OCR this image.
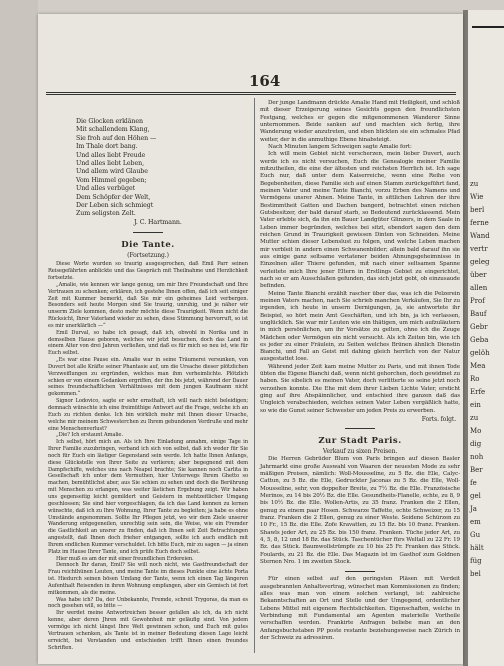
zu
Wie
berl
ferne
Wand
vertr
geleg
über
allen
Prof
Bauf
Gebr
Geba
gelöh
Mea
Ro
Erfe
ein
zu
Mo
dig
noh
Ber
fe
gel
Ja
em
Gu
hält
füg
bel
164
Die Glocken erklänen
Mit schallendem Klang,
Sie froh auf den Höhen —
Im Thale dort bang.
Und alles liebt Freude
Und alles liebt Leben,
Und allem wird Glaube
Vom Himmel gegeben;
Und alles verbüget
Dem Schöpfer der Welt,
Der Leben sich schmiegt
Zum seligsten Zelt.
J. C. Hartmann.
Die Tante.
(Fortsetzung.)

Diese Worte wurden so traurig ausgesprochen, daß Emil Parr seinen Reisegefährten anblickte und das Gespräch mit Theilnahme und Herzlichkeit fortsetzte.

„Amalie, wie kennen wir lange genug, um mir Ihre Freundschaft und Ihre Vertrauen zu schenken; erklären, ich gestehe Ihnen offen, daß ich seit einiger Zeit mit Kummer bemerkt, daß Sie mir ein geheimes Leid verbergen. Besonders seit heute Morgen sind Sie traurig, unruhig, und je näher wir unserm Ziele kommen, desto mehr möchte diese Traurigkeit. Wenn nicht die Rücksicht, Ihrer Vaterland wieder zu sehen, diese Stimmung hervorruft, so ist es mir unerklärlich —“

Emil Durval, so habe ich gesagt, daß ich, obwohl in Norika und in demselben Hause geboren, welches wir jetzt besuchen, doch das Land in einem Alter von drei Jahren verließen, und daß es für mich so neu ist, wie für Euch selbst.

„Es war eine Pause ein. Amalie war in seine Träumerei versunken, von Duvert bot alle Kräfte seiner Phantasie auf, um die Ursache dieser plötzlichen Verzweiflungen zu ergründen, welches man ihm verheimlichte. Plötzlich schien er von einem Gedanken ergriffen, der ihn bis jetzt, während der Dauer seines freundschaftlichen Verhältnisses mit dem jungen Kaufmann nicht gekommen.“

Signor Lodovico, sagte er sehr ernsthaft, ich will nach nicht beleidigen; demnach wünschte ich eine freimüthige Antwort auf die Frage, welche ich an Euch zu richten denke. Ich bin wirklich mehr mit Ihnen dieser Ursache, welche mir meinem Schwesterchen zu Ihrem gebundenen Verdruße und mehr eine Menschenverlust?

„Die? Ich erstaunt Amalie.

Ich selbst, hört mich an. Als ich Ihre Einladung annahm, einige Tage in Ihrer Familie zuzubringen, verband ich sich von selbst, daß ich weder für Sie noch für Euch ein lästiger Gegenstand sein werde. Ich hatte Ihnen Anfangs, diese Glückstelle von Ihrer Seite zu verlieren; aber begegnend mit dem Dampfschiffe, welches uns nach Neapel brachte; Sie kannen noch Carlita in Gesellschaft ich unter dem Vermuthen, hier Unterwegs Ihrem Ghetto so machen, bemühtlichst aber, aus Sie schien zu sehen und doch die Berührung mit Menschen zu erlangen, was weiter lästichen Ergebung zeigt. Wir haben uns gegenseitig leicht gemildert und Geistern in mehtzeitlicher Umgang geschlossen; Sie sind hier vorgeschlagen, da ich das Land kennen zu lernen wünschte, daß ich zu Ihre Wohnung, Ihrer Tante zu begleiten; ja habe es ohne Umstände angenommen. Sollte Ihr Pflegen jetzt, wo wir dem Ziele unserer Wanderung entgegeneilen, unrechtig sein sein, die Weise, wie ein Fremder die Gastlichkeit an unsrer zu finden, daß ich Ihnen seit Zeit Betrachtungen angestellt, daß Ihnen doch frieher entgangen, sollte ich auch endlich mit Ihrem endlichen Kummer verschuldet. Ich bitte Euch, mir zu sagen — ja einen Platz im Hause Ihrer Tante, und ich prüfe Euch doch selbst.

Hier muß es am der mit einer freundlichen Erdereien.

Dennoch Ihr daran, Emil? Sie will noch nicht, wie Gastfreundschaft der Frau reichthünen Leuten, und meine Tante im dieses Punkte eine ächte Porta ist. Hiedurch seinen bösen Umfang der Tante, wenn ich einen Tag längeren Aufenthalt Reisenden in ihren Wohnung empfangen, aber ein Gemisch ist fort mitkommen, als die meine.

Was habe ich? Da, der Unbekannte, Fremde, schreit Trygoras, da man es noch gesehen will, so bitte —

Ihr werdet meine Antwortreichen besser gefallen als ich, da ich nicht kenne, aber deren Jhren mit Gewohnheit mir geläufig sind. Von jedem vermöge ich nicht längst Ihre Welt gewinnen schon, und Euch mit gutes Vertrauen schenken, als Tante ist in meiner Bedeutung diesen Lage leicht erreicht, bei Verstanden und entschieden trifft Ihnen einen freundes Schriften.

Der junge Landmann drückte Amalie Hand mit Heiligkeit, und schloß mit dieser Erzeigerung seines Gesichts gegen den freundlichsten Festgang, welches er gegen die mitgenommenen Wanderer Sinne unternommen. Beide sanken auf und machten sich fertig, ihre Wanderung wieder anzutreten, und eben blickten sie ein schmales Pfad weiter, der in die anmuthige Ebene hinabsteigt.

Nach Minuten langem Schweigen sagte Amalie fort:

Ich will mein Gebiet nicht verscherzen, mein lieber Duvert, auch werde ich es nicht versuchen, Euch die Genealogie meiner Familie mitzutheilen, die eine der ältesten und reichsten Herrlich ist. Ich sage Euch nur, daß unter dem Kaiserreiche, wenn eine Reihe von Begebenheiten, diese Familie sich auf einen Stamm zurückgeführt fand, meinen Vater und meine Tante Bianchi, vorzu Erben des Namens und Vermögens unsrer Ahnen. Meine Tante, in sittlichen Lehren der ihre Bestimmtheit Gatten und Dachen bangerd, betrachtet einen reichen Gutsbesitzer, der bald darauf starb, so Bedeutend zurücklassend. Mein Vater erlebte sich, da ihn ein Bauer Landgüter Glinzers, in dem Saale in Leben immer begründen, welches bei sitzt, ebendort sagen den dem reichen Grund in Traurigkeit gewissen Dinten von Schneiden. Meine Mutter schien dieser Lebenslust zu folgen, und welche Leben machen mir verbleit in andern einen Schwanenbilder; allein bald darauf ihn sie aus einige ganz seltsame vertatener beiden Ahnungsgeheimnisse in Einzelnen aller Thiere gefunden, mit nach einer seltsamen Spanne verleitete mich Ihre jener Eltern in Erstlings Gebiet zu eingerichtet, nach so er am Ausschlaßen gefunden, das sich jetzt gebt, ob einzusaude befinden.

Meine Tante Bianchi erzählt rascher über das, was ich die Pelzerein meinen Vaters machen, nach Sie schrieb manchen Verkäufen, Sie Ihr zu irgenden, ich heute in unsern Dernigungen, ja, sie antwortete ihr Beispiel, so hört mein Amt Geschäften, und ich bin, ja ich verlassen, unglücklich. Sie war mir Leuten wie ein thätigen, um mich aufzuläutern in mich persönlichen, um ihr Vorsätze zu gelten, ohne ich die Zeuge Mädchen oder Vermögen ein nicht versucht. Als ich Zeiten bin, wie ich es jeder zu einer Fräulein, zu Seiten welches Brünen ähnlich Dienstin Bianchi, und Fall an Geist mit dahing gleich herrlich von der Natur ausgestattet lose.

Während jeder Zeit kam meine Mutter zu Paris, und mit ihnen Tode übten die Eigene Bianchi daß, wenn nicht gehorchen, doch gewidmet zu haben. Sie sibelich es meinen Vater, doch verlitterte so seine jetzt noch verzeihen konnte. Die Ehe mit dem ihrer Lieben Lichte Vater, ersticht ging auf ihre Abspäinnlicher, und entschied ihre ganzen daß das Ungleich verabschieden, welches seinen Vater Leben vergäßlich hatte, so wie die Gunst seiner Schwester um jeden Preis zu erwerben.

Forts. folgt.
Zur Stadt Paris.
Verkauf zu sixen Preisen.

Die Herren Gebrüder Blum von Paris bringen auf diesen Basler Jahrmarkt eine große Auswahl von Waaren der neuesten Mode zu sehr mäßigen Preisen, nämlich: Woll-Mousseline, zu 5 Bz. die Elle, Calyc-Cattun, zu 5 Bz. die Elle, Gedruckter Jaconas zu 5 Bz. die Elle, Woll-Mousseline, sehr, von doppelter Breite, zu 7½ Bz. die Elle. Französische Merinos, zu 14 bis 20½ Bz. die Elle. Gesundheits-Flanelle, echte, zu 8, 9 bis 10½ Bz. die Elle. Wollen-Artis, zu 35 franz. Franken die 2 Ellen, genug zu einem paar Hosen. Schwarze Taffette, echte Schweizer, zu 15 franz. Franken die 2 Ellen, genug zu einer Weste. Seidene Schürzen zu 10 Fr., 15 Bz. die Elle. Zofe Kravatten, zu 15 Bz. bis 10 franz. Franken. Shawls jeder Art, zu 25 Bz. bis 150 franz. Franken. Tüche jeder Art, zu 4, 5, 8, 12 und 18 Bz. das Stück. Taschentücher fürs Weltall zu 22 Fr. 19 Bz. das Stück. Baumwollstrümpfe zu 10 bis 25 Fr. Franken das Stück. Foulards, zu 21 Bz. die Elle. Das Magazin ist im Gasthof zum Goldnen Sternen Nro. 1 im zweiten Stock.

Für einen selbst auf den geringsten Pläsen mit Verdeit ausgebrannten Anhaltsvertrag, wünschet man Kommissionen zu finden; alles was man von einem solchen verlangt, ist: zahlreiche Bekanntschaften an Ort und Stelle und der Umgegend, ordentlicher Lebens Mittel mit eigenem Rechtslichkeiten. Eigenschaften, welche in Verbindung mit Fundamental am Agenten materielle Vortheile verschaffen werden. Frankirte Anfragen beliebe man an den Anfangsbuchstaben PP poste restante beziehungsweise nach Zürich in der Schweiz zu adressiren.
